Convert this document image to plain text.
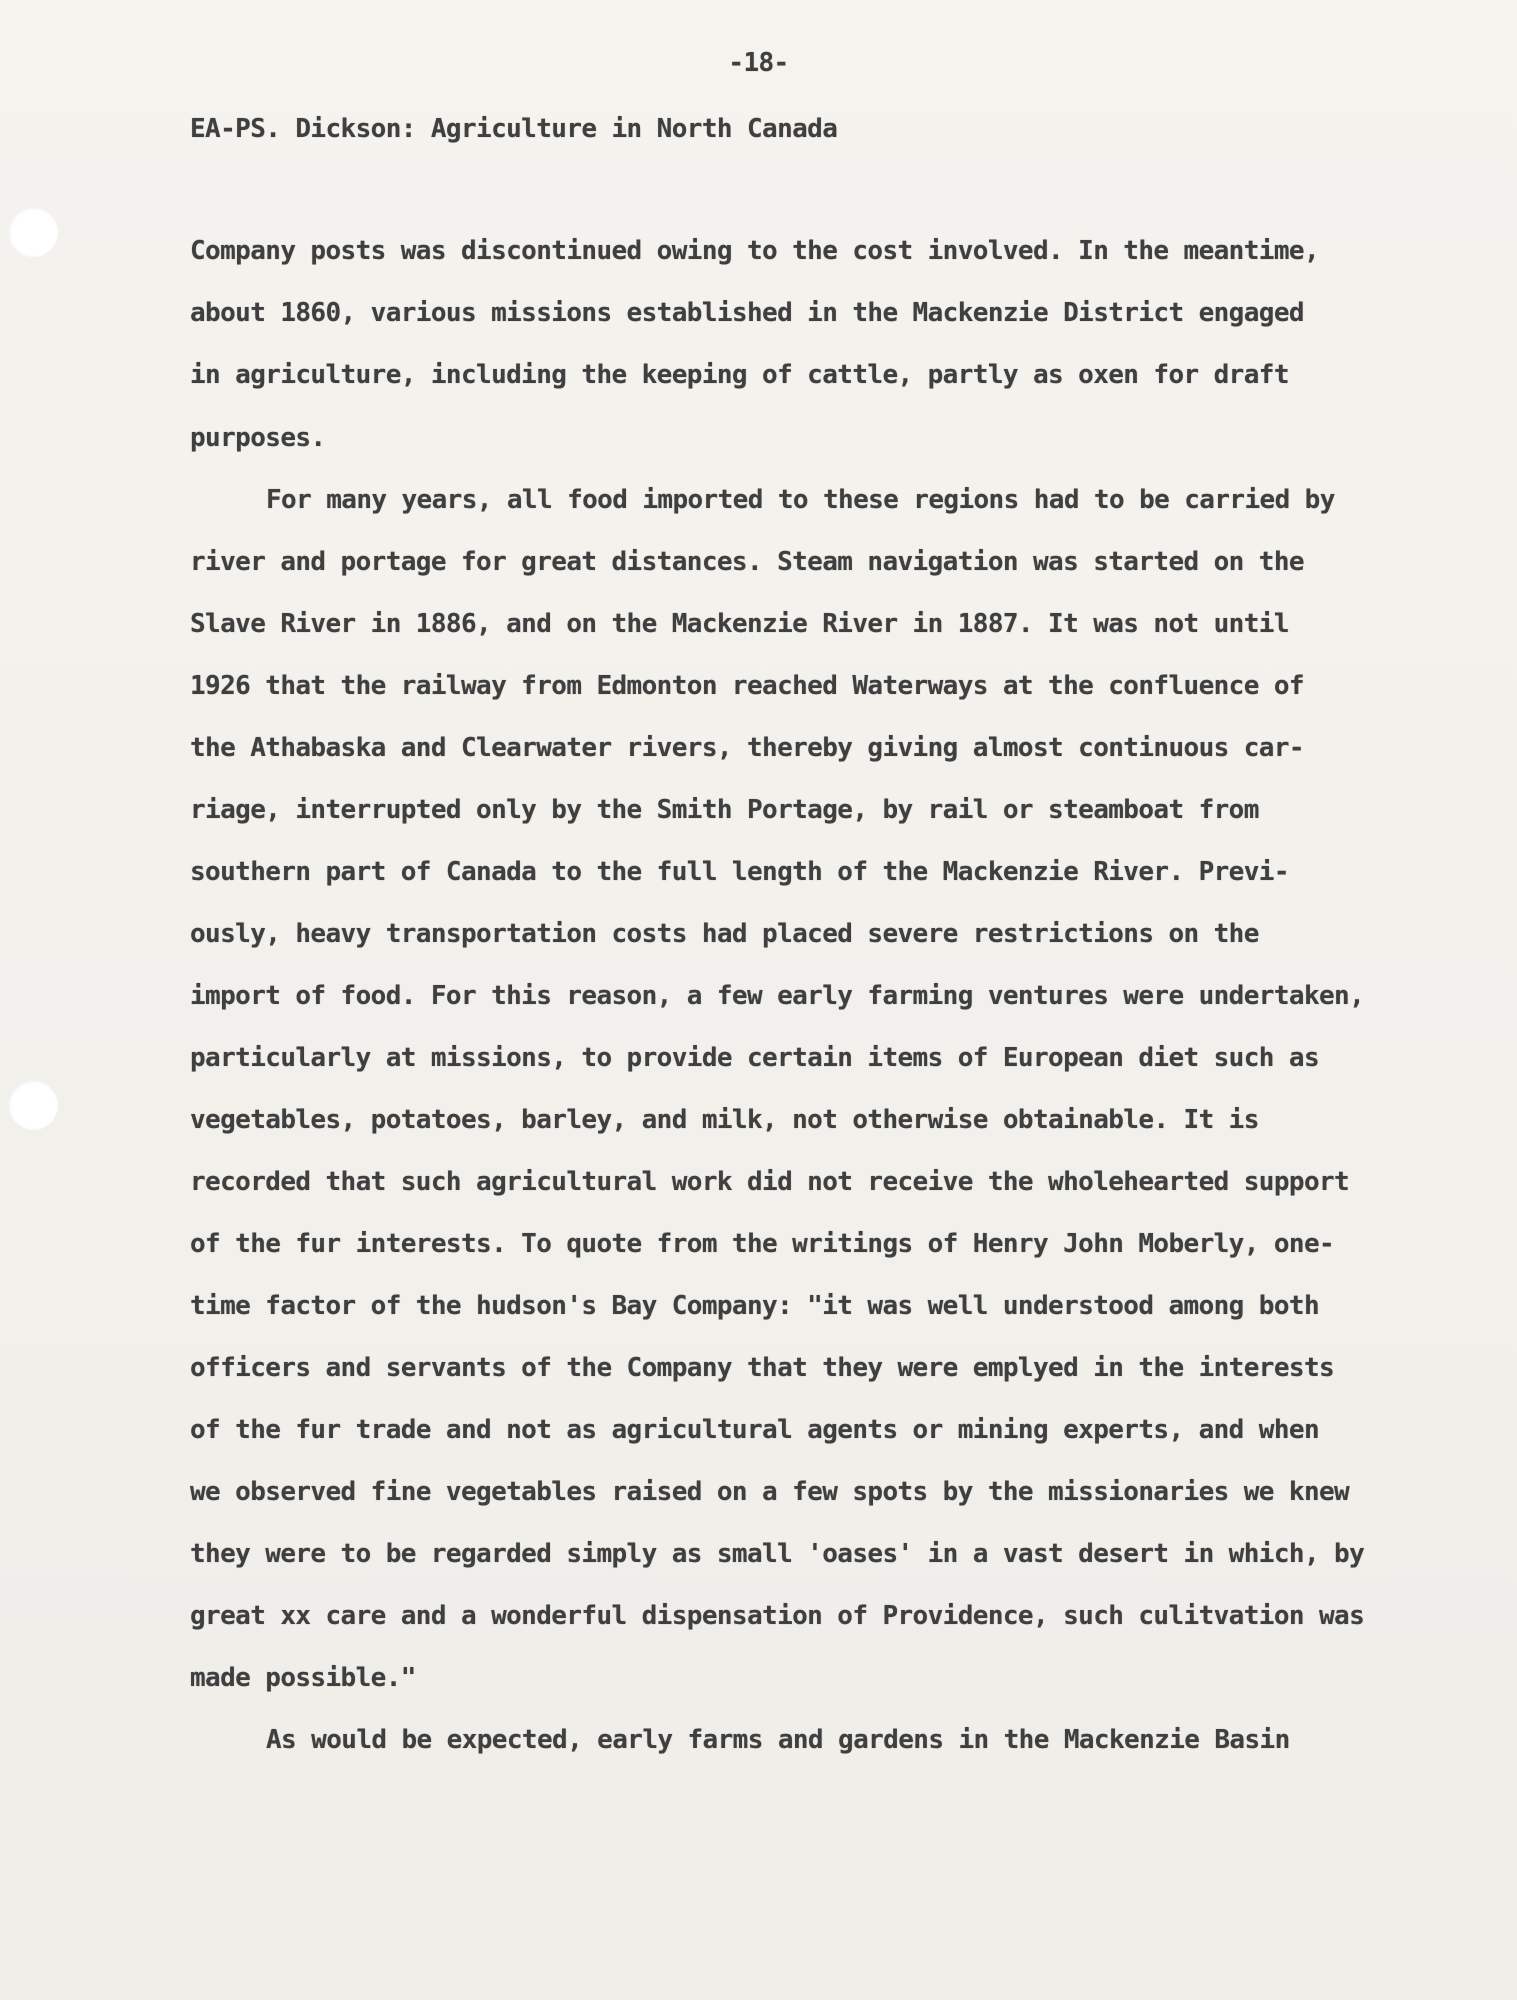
-18-
EA-PS. Dickson: Agriculture in North Canada
Company posts was discontinued owing to the cost involved. In the meantime,
about 1860, various missions established in the Mackenzie District engaged
in agriculture, including the keeping of cattle, partly as oxen for draft
purposes.
For many years, all food imported to these regions had to be carried by
river and portage for great distances. Steam navigation was started on the
Slave River in 1886, and on the Mackenzie River in 1887. It was not until
1926 that the railway from Edmonton reached Waterways at the confluence of
the Athabaska and Clearwater rivers, thereby giving almost continuous car-
riage, interrupted only by the Smith Portage, by rail or steamboat from
southern part of Canada to the full length of the Mackenzie River. Previ-
ously, heavy transportation costs had placed severe restrictions on the
import of food. For this reason, a few early farming ventures were undertaken,
particularly at missions, to provide certain items of European diet such as
vegetables, potatoes, barley, and milk, not otherwise obtainable. It is
recorded that such agricultural work did not receive the wholehearted support
of the fur interests. To quote from the writings of Henry John Moberly, one-
time factor of the hudson's Bay Company: "it was well understood among both
officers and servants of the Company that they were emplyed in the interests
of the fur trade and not as agricultural agents or mining experts, and when
we observed fine vegetables raised on a few spots by the missionaries we knew
they were to be regarded simply as small 'oases' in a vast desert in which, by
great xx care and a wonderful dispensation of Providence, such culitvation was
made possible."
As would be expected, early farms and gardens in the Mackenzie Basin
